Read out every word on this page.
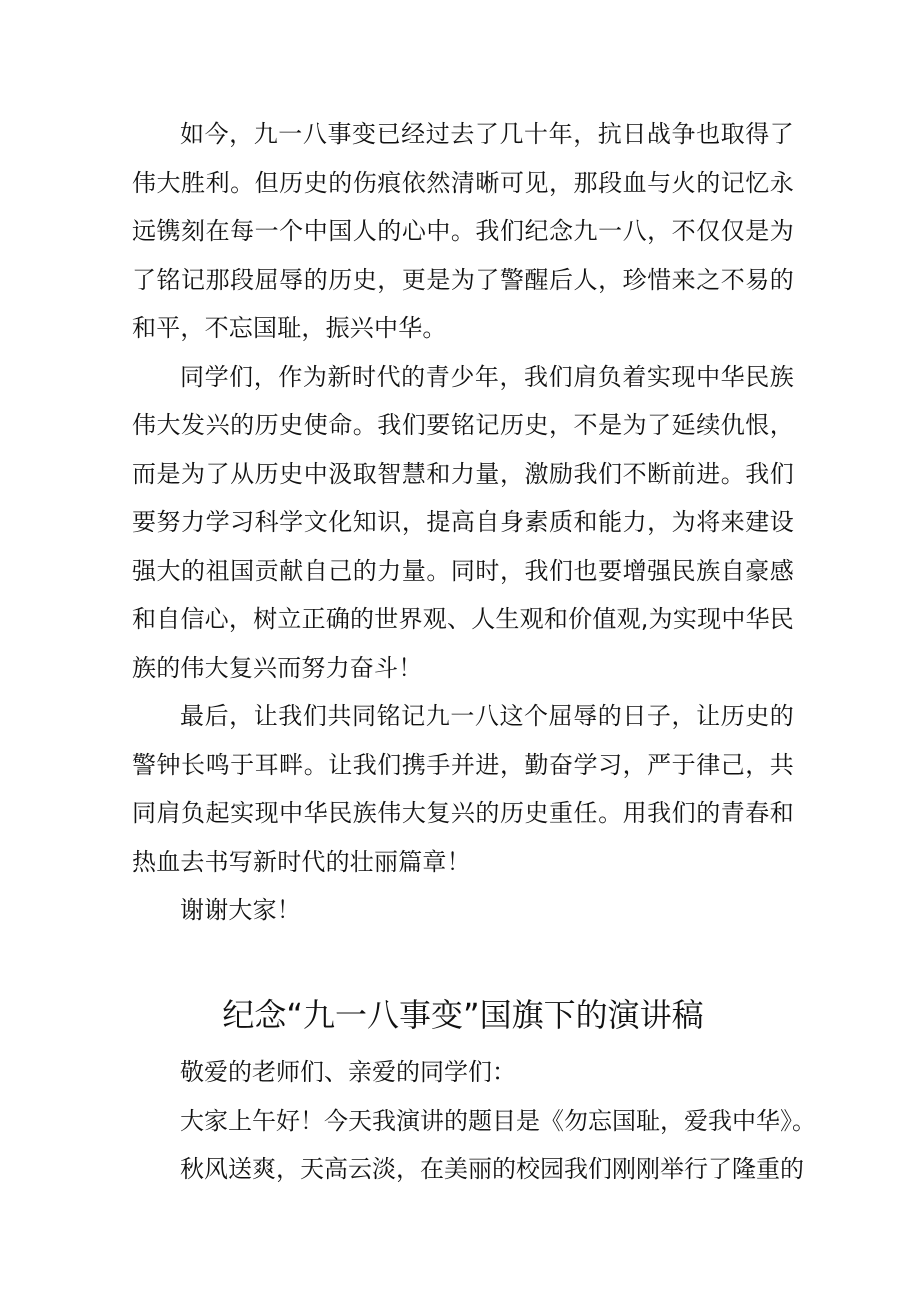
如今，九一八事变已经过去了几十年，抗日战争也取得了伟大胜利。但历史的伤痕依然清晰可见，那段血与火的记忆永远镌刻在每一个中国人的心中。我们纪念九一八，不仅仅是为了铭记那段屈辱的历史，更是为了警醒后人，珍惜来之不易的和平，不忘国耻，振兴中华。

同学们，作为新时代的青少年，我们肩负着实现中华民族伟大发兴的历史使命。我们要铭记历史，不是为了延续仇恨，而是为了从历史中汲取智慧和力量，激励我们不断前进。我们要努力学习科学文化知识，提高自身素质和能力，为将来建设强大的祖国贡献自己的力量。同时，我们也要增强民族自豪感和自信心，树立正确的世界观、人生观和价值观,为实现中华民族的伟大复兴而努力奋斗！

最后，让我们共同铭记九一八这个屈辱的日子，让历史的警钟长鸣于耳畔。让我们携手并进，勤奋学习，严于律己，共同肩负起实现中华民族伟大复兴的历史重任。用我们的青春和热血去书写新时代的壮丽篇章！

谢谢大家！

纪念“九一八事变”国旗下的演讲稿

敬爱的老师们、亲爱的同学们：

大家上午好！今天我演讲的题目是《勿忘国耻，爱我中华》。

秋风送爽，天高云淡，在美丽的校园我们刚刚举行了隆重的
